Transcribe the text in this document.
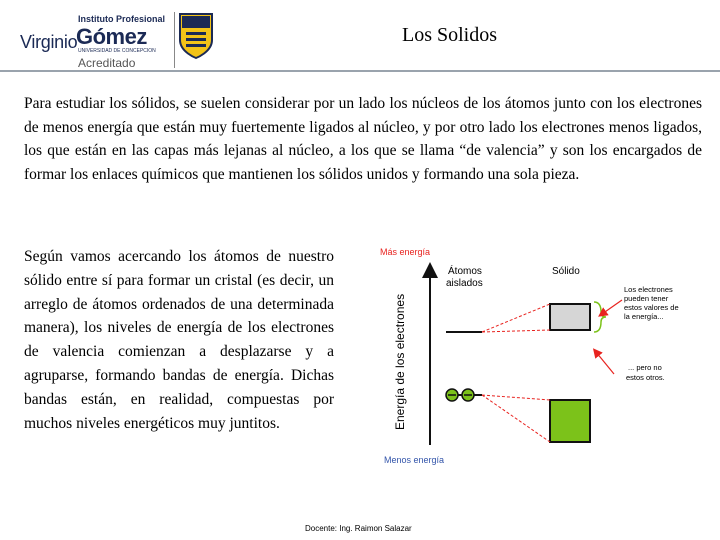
Virginio
Instituto Profesional
Gómez
UNIVERSIDAD DE CONCEPCION
Acreditado
Los Solidos

Para estudiar los sólidos, se suelen considerar por un lado los núcleos de los átomos junto con los electrones de menos energía que están muy fuertemente ligados al núcleo, y por otro lado los electrones menos ligados, los que están en las capas más lejanas al núcleo, a los que se llama “de valencia” y son los encargados de formar los enlaces químicos que mantienen los sólidos unidos y formando una sola pieza.

Según vamos acercando los átomos de nuestro sólido entre sí para formar un cristal (es decir, un arreglo de átomos ordenados de una determinada manera), los niveles de energía de los electrones de valencia comienzan a desplazarse y a agruparse, formando bandas de energía. Dichas bandas están, en realidad, compuestas por muchos niveles energéticos muy juntitos.

Más energía
Menos energía
Energía de los electrones
Átomos
aislados
Sólido
Los electrones
pueden tener
estos valores de
la energía...
... pero no
estos otros.
Docente: Ing. Raimon Salazar
